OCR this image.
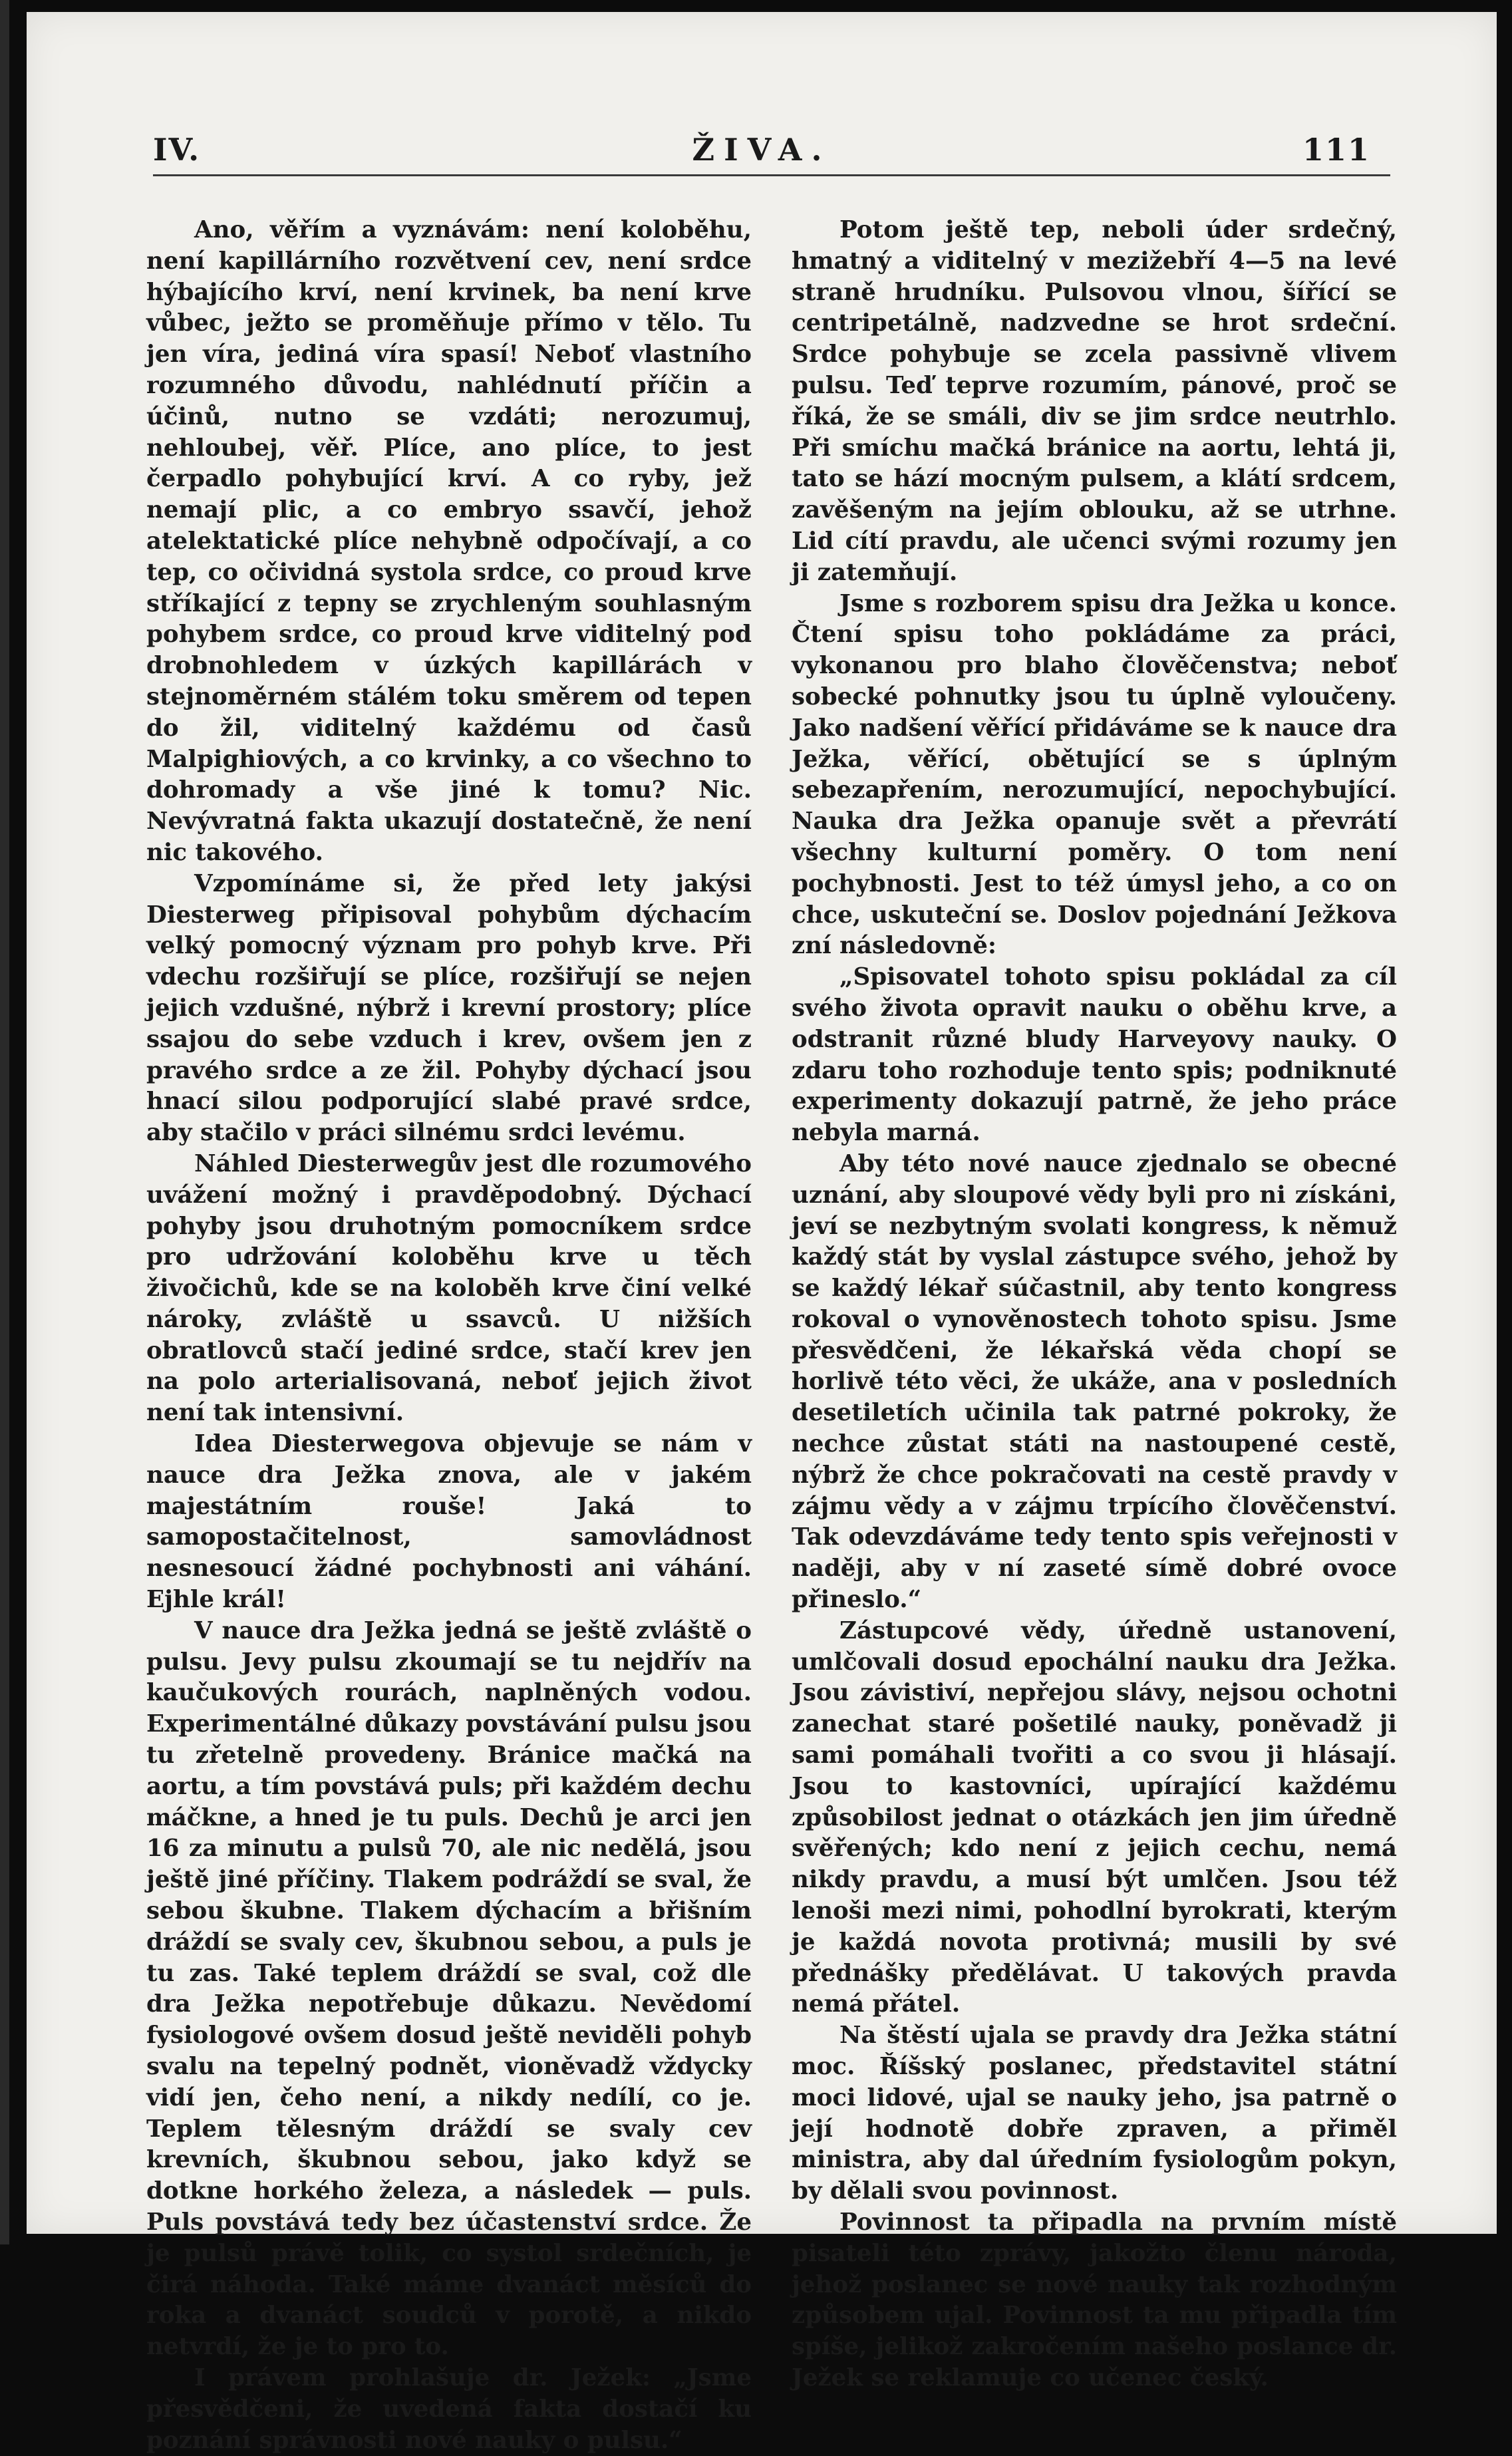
IV.	ŽIVA.	111

Ano, věřím a vyznávám: není koloběhu, není kapillárního rozvětvení cev, není srdce hýbajícího krví, není krvinek, ba není krve vůbec, ježto se proměňuje přímo v tělo. Tu jen víra, jediná víra spasí! Neboť vlastního rozumného důvodu, nahlédnutí příčin a účinů, nutno se vzdáti; nerozumuj, nehloubej, věř. Plíce, ano plíce, to jest čerpadlo pohybující krví. A co ryby, jež nemají plic, a co embryo ssavčí, jehož atelektatické plíce nehybně odpočívají, a co tep, co očividná systola srdce, co proud krve stříkající z tepny se zrychleným souhlasným pohybem srdce, co proud krve viditelný pod drobnohledem v úzkých kapillárách v stejnoměrném stálém toku směrem od tepen do žil, viditelný každému od časů Malpighiových, a co krvinky, a co všechno to dohromady a vše jiné k tomu? Nic. Nevývratná fakta ukazují dostatečně, že není nic takového.

Vzpomínáme si, že před lety jakýsi Diesterweg připisoval pohybům dýchacím velký pomocný význam pro pohyb krve. Při vdechu rozšiřují se plíce, rozšiřují se nejen jejich vzdušné, nýbrž i krevní prostory; plíce ssajou do sebe vzduch i krev, ovšem jen z pravého srdce a ze žil. Pohyby dýchací jsou hnací silou podporující slabé pravé srdce, aby stačilo v práci silnému srdci levému.

Náhled Diesterwegův jest dle rozumového uvážení možný i pravděpodobný. Dýchací pohyby jsou druhotným pomocníkem srdce pro udržování koloběhu krve u těch živočichů, kde se na koloběh krve činí velké nároky, zvláště u ssavců. U nižších obratlovců stačí jediné srdce, stačí krev jen na polo arterialisovaná, neboť jejich život není tak intensivní.

Idea Diesterwegova objevuje se nám v nauce dra Ježka znova, ale v jakém majestátním rouše! Jaká to samopostačitelnost, samovládnost nesnesoucí žádné pochybnosti ani váhání. Ejhle král!

V nauce dra Ježka jedná se ještě zvláště o pulsu. Jevy pulsu zkoumají se tu nejdřív na kaučukových rourách, naplněných vodou. Experimentálné důkazy povstávání pulsu jsou tu zřetelně provedeny. Bránice mačká na aortu, a tím povstává puls; při každém dechu máčkne, a hned je tu puls. Dechů je arci jen 16 za minutu a pulsů 70, ale nic nedělá, jsou ještě jiné příčiny. Tlakem podráždí se sval, že sebou škubne. Tlakem dýchacím a břišním dráždí se svaly cev, škubnou sebou, a puls je tu zas. Také teplem dráždí se sval, což dle dra Ježka nepotřebuje důkazu. Nevědomí fysiologové ovšem dosud ještě neviděli pohyb svalu na tepelný podnět, vioněvadž vždycky vidí jen, čeho není, a nikdy nedílí, co je. Teplem tělesným dráždí se svaly cev krevních, škubnou sebou, jako když se dotkne horkého železa, a následek — puls. Puls povstává tedy bez účastenství srdce. Že je pulsů právě tolik, co systol srdečních, je čirá náhoda. Také máme dvanáct měsíců do roka a dvanáct soudců v porotě, a nikdo netvrdí, že je to pro to.

I právem prohlašuje dr. Ježek: „Jsme přesvědčeni, že uvedená fakta dostačí ku poznání správnosti nové nauky o pulsu.“

Potom ještě tep, neboli úder srdečný, hmatný a viditelný v mezižebří 4—5 na levé straně hrudníku. Pulsovou vlnou, šířící se centripetálně, nadzvedne se hrot srdeční. Srdce pohybuje se zcela passivně vlivem pulsu. Teď teprve rozumím, pánové, proč se říká, že se smáli, div se jim srdce neutrhlo. Při smíchu mačká bránice na aortu, lehtá ji, tato se hází mocným pulsem, a klátí srdcem, zavěšeným na jejím oblouku, až se utrhne. Lid cítí pravdu, ale učenci svými rozumy jen ji zatemňují.

Jsme s rozborem spisu dra Ježka u konce. Čtení spisu toho pokládáme za práci, vykonanou pro blaho člověčenstva; neboť sobecké pohnutky jsou tu úplně vyloučeny. Jako nadšení věřící přidáváme se k nauce dra Ježka, věřící, obětující se s úplným sebezapřením, nerozumující, nepochybující. Nauka dra Ježka opanuje svět a převrátí všechny kulturní poměry. O tom není pochybnosti. Jest to též úmysl jeho, a co on chce, uskuteční se. Doslov pojednání Ježkova zní následovně:

„Spisovatel tohoto spisu pokládal za cíl svého života opravit nauku o oběhu krve, a odstranit různé bludy Harveyovy nauky. O zdaru toho rozhoduje tento spis; podniknuté experimenty dokazují patrně, že jeho práce nebyla marná.

Aby této nové nauce zjednalo se obecné uznání, aby sloupové vědy byli pro ni získáni, jeví se nezbytným svolati kongress, k němuž každý stát by vyslal zástupce svého, jehož by se každý lékař súčastnil, aby tento kongress rokoval o vynověnostech tohoto spisu. Jsme přesvědčeni, že lékařská věda chopí se horlivě této věci, že ukáže, ana v posledních desetiletích učinila tak patrné pokroky, že nechce zůstat státi na nastoupené cestě, nýbrž že chce pokračovati na cestě pravdy v zájmu vědy a v zájmu trpícího člověčenství. Tak odevzdáváme tedy tento spis veřejnosti v naději, aby v ní zaseté símě dobré ovoce přineslo.“

Zástupcové vědy, úředně ustanovení, umlčovali dosud epochální nauku dra Ježka. Jsou závistiví, nepřejou slávy, nejsou ochotni zanechat staré pošetilé nauky, poněvadž ji sami pomáhali tvořiti a co svou ji hlásají. Jsou to kastovníci, upírající každému způsobilost jednat o otázkách jen jim úředně svěřených; kdo není z jejich cechu, nemá nikdy pravdu, a musí být umlčen. Jsou též lenoši mezi nimi, pohodlní byrokrati, kterým je každá novota protivná; musili by své přednášky předělávat. U takových pravda nemá přátel.

Na štěstí ujala se pravdy dra Ježka státní moc. Říšský poslanec, představitel státní moci lidové, ujal se nauky jeho, jsa patrně o její hodnotě dobře zpraven, a přiměl ministra, aby dal úředním fysiologům pokyn, by dělali svou povinnost.

Povinnost ta připadla na prvním místě pisateli této zprávy, jakožto členu národa, jehož poslanec se nové nauky tak rozhodným způsobem ujal. Povinnost ta mu připadla tím spíše, jelikož zakročením našeho poslance dr. Ježek se reklamuje co učenec český.
